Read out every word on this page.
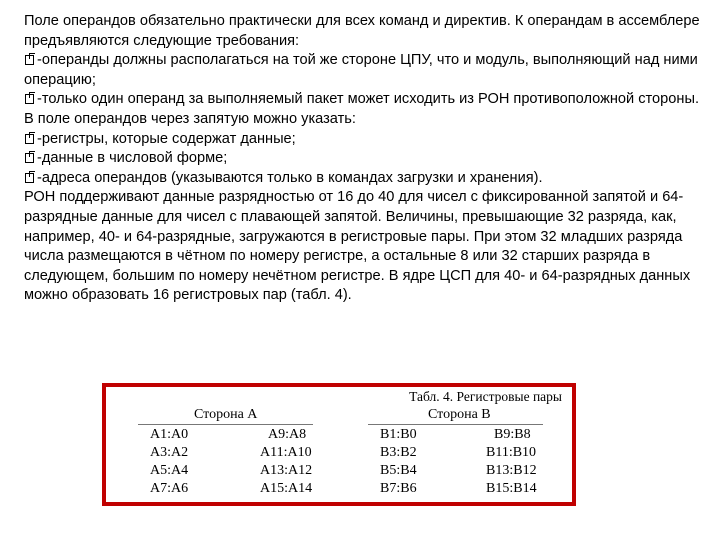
Поле операндов обязательно практически для всех команд и директив. К операндам в ассемблере предъявляются следующие требования:

-операнды должны располагаться на той же стороне ЦПУ, что и модуль, выполняющий над ними операцию;
-только один операнд за выполняемый пакет может исходить из РОН противоположной стороны.

В поле операндов через запятую можно указать:

-регистры, которые содержат данные;
-данные в числовой форме;
-адреса операндов (указываются только в командах загрузки и хранения).

РОН поддерживают данные разрядностью от 16 до 40 для чисел с фиксированной запятой и 64-разрядные данные для чисел с плавающей запятой. Величины, превышающие 32 разряда, как, например, 40- и 64-разрядные, загружаются в регистровые пары. При этом 32 младших разряда числа размещаются в чётном по номеру регистре, а остальные 8 или 32 старших разряда в следующем, большим по номеру нечётном регистре. В ядре ЦСП для 40- и 64-разрядных данных можно образовать 16 регистровых пар (табл. 4).

Табл. 4. Регистровые пары
Сторона А	Сторона В
A1:A0	A9:A8	B1:B0	B9:B8
A3:A2	A11:A10	B3:B2	B11:B10
A5:A4	A13:A12	B5:B4	B13:B12
A7:A6	A15:A14	B7:B6	B15:B14
